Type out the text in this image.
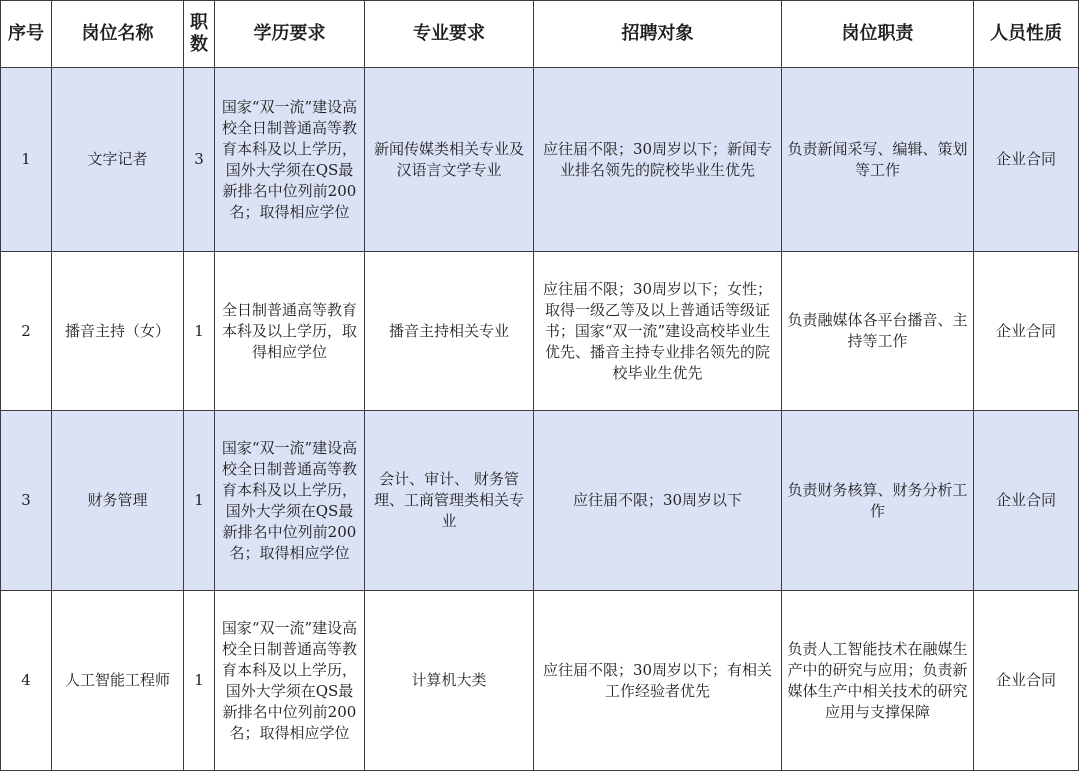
序号	岗位名称	职数	学历要求	专业要求	招聘对象	岗位职责	人员性质
1	文字记者	3	国家“双一流”建设高校全日制普通高等教育本科及以上学历，国外大学须在QS最新排名中位列前200名；取得相应学位	新闻传媒类相关专业及汉语言文学专业	应往届不限；30周岁以下；新闻专业排名领先的院校毕业生优先	负责新闻采写、编辑、策划等工作	企业合同
2	播音主持（女）	1	全日制普通高等教育本科及以上学历，取得相应学位	播音主持相关专业	应往届不限；30周岁以下；女性；取得一级乙等及以上普通话等级证书；国家“双一流”建设高校毕业生优先、播音主持专业排名领先的院校毕业生优先	负责融媒体各平台播音、主持等工作	企业合同
3	财务管理	1	国家“双一流”建设高校全日制普通高等教育本科及以上学历，国外大学须在QS最新排名中位列前200名；取得相应学位	会计、审计、 财务管理、工商管理类相关专业	应往届不限；30周岁以下	负责财务核算、财务分析工作	企业合同
4	人工智能工程师	1	国家“双一流”建设高校全日制普通高等教育本科及以上学历，国外大学须在QS最新排名中位列前200名；取得相应学位	计算机大类	应往届不限；30周岁以下；有相关工作经验者优先	负责人工智能技术在融媒生产中的研究与应用；负责新媒体生产中相关技术的研究应用与支撑保障	企业合同
